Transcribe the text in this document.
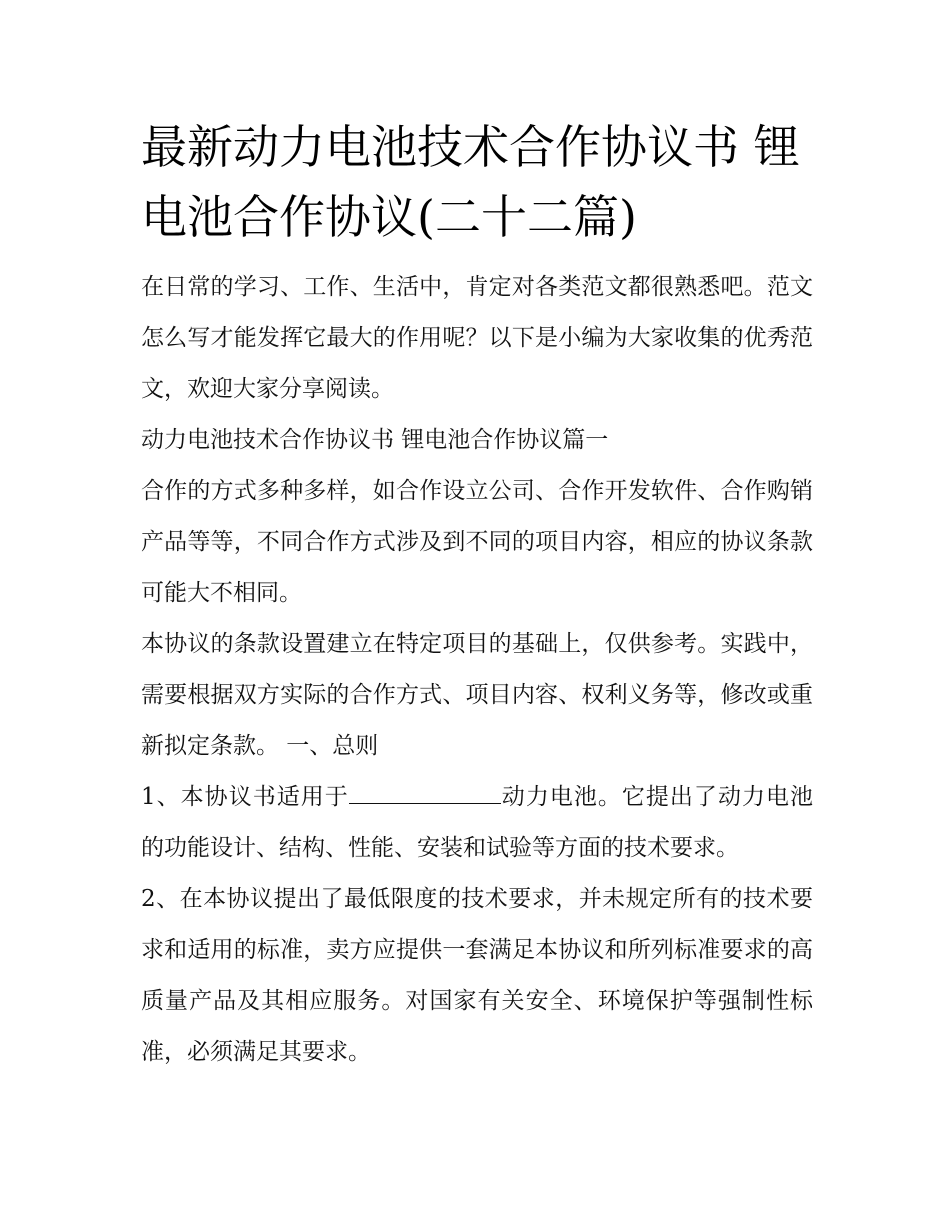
最新动力电池技术合作协议书 锂电池合作协议(二十二篇)

在日常的学习、工作、生活中，肯定对各类范文都很熟悉吧。范文怎么写才能发挥它最大的作用呢？以下是小编为大家收集的优秀范文，欢迎大家分享阅读。

动力电池技术合作协议书 锂电池合作协议篇一

合作的方式多种多样，如合作设立公司、合作开发软件、合作购销产品等等，不同合作方式涉及到不同的项目内容，相应的协议条款可能大不相同。

本协议的条款设置建立在特定项目的基础上，仅供参考。实践中，需要根据双方实际的合作方式、项目内容、权利义务等，修改或重新拟定条款。 一、总则

1、本协议书适用于	动力电池。它提出了动力电池的功能设计、结构、性能、安装和试验等方面的技术要求。

2、在本协议提出了最低限度的技术要求，并未规定所有的技术要求和适用的标准，卖方应提供一套满足本协议和所列标准要求的高质量产品及其相应服务。对国家有关安全、环境保护等强制性标准，必须满足其要求。
